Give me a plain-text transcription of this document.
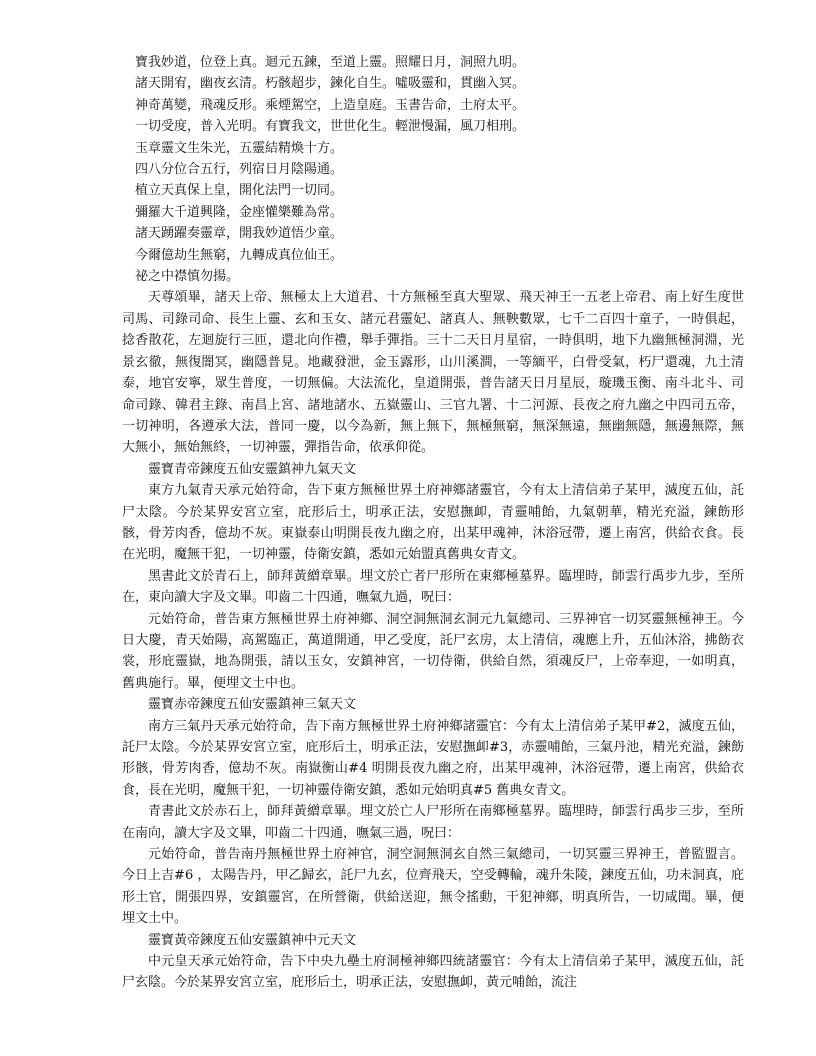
　寶我妙道，位登上真。迴元五鍊，至道上靈。照耀日月，洞照九明。

　諸天開宥，幽夜玄清。朽骸超步，鍊化自生。噓吸靈和，貫幽入冥。

　神奇萬變，飛魂反形。乘煙駕空，上造皇庭。玉書告命，土府太平。

　一切受度，普入光明。有寶我文，世世化生。輕泄慢漏，風刀相刑。

　玉章靈文生朱光，五靈結精煥十方。

　四八分位合五行，列宿日月陰陽通。

　植立天真保上皇，開化法門一切同。

　彌羅大千道興隆，金座懽樂難為常。

　諸天踴躍奏靈章，開我妙道悟少童。

　今爾億劫生無窮，九轉成真位仙王。

　祕之中襟慎勿揚。

天尊頌畢，諸天上帝、無極太上大道君、十方無極至真大聖眾、飛天神王一五老上帝君、南上好生度世司馬、司錄司命、長生上靈、玄和玉女、諸元君靈妃、諸真人、無鞅數眾，七千二百四十童子，一時俱起，捻香散花，左迴旋行三匝，還北向作禮，舉手彈指。三十二天日月星宿，一時俱明，地下九幽無極洞淵，光景玄徹，無復闇冥，幽隱普見。地藏發泄，金玉露形，山川溪澗，一等緬平，白骨受氣，朽尸還魂，九土清泰，地官安寧，眾生普度，一切無偏。大法流化，皇道開張，普告諸天日月星辰，璇璣玉衡、南斗北斗、司命司錄、韓君主錄、南昌上宮、諸地諸水、五嶽靈山、三官九署、十二河源、長夜之府九幽之中四司五帝，一切神明，各遵承大法，普同一慶，以今為新，無上無下，無極無窮，無深無遠，無幽無隱，無邊無際，無大無小，無始無終，一切神靈，彈指告命，依承仰從。

靈寶青帝鍊度五仙安靈鎮神九氣天文

東方九氣青天承元始符命，告下東方無極世界土府神鄉諸靈官，今有太上清信弟子某甲，滅度五仙，託尸太陰。今於某界安宮立室，庇形后土，明承正法，安慰撫卹，青靈哺飴，九氣朝華，精光充溢，鍊飭形骸，骨芳肉香，億劫不灰。東嶽泰山明開長夜九幽之府，出某甲魂神，沐浴冠帶，遷上南宮，供給衣食。長在光明，魔無干犯，一切神靈，侍衛安鎮，悉如元始盟真舊典女青文。

黑書此文於青石上，師拜黃繒章畢。埋文於亡者尸形所在東鄉極墓界。臨埋時，師雲行禹步九步，至所在，東向讀大字及文畢。叩齒二十四通，嘸氣九過，呪曰：

元始符命，普告東方無極世界土府神鄉、洞空洞無洞玄洞元九氣總司、三界神官一切冥靈無極神王。今日大慶，青天始陽，高駕臨正，萬道開通，甲乙受度，託尸玄房，太上清信，魂應上升，五仙沐浴，拂飭衣裳，形庇靈嶽，地為開張，請以玉女，安鎮神宮，一切侍衛，供給自然，須魂反尸，上帝奉迎，一如明真，舊典施行。畢，便埋文土中也。

靈寶赤帝鍊度五仙安靈鎮神三氣天文

南方三氣丹天承元始符命，告下南方無極世界土府神鄉諸靈官：今有太上清信弟子某甲#2，滅度五仙，託尸太陰。今於某界安宮立室，庇形后土，明承正法，安慰撫卹#3，赤靈哺飴，三氣丹池，精光充溢，鍊飭形骸，骨芳肉香，億劫不灰。南嶽衡山#4 明開長夜九幽之府，出某甲魂神，沐浴冠帶，遷上南宮，供給衣食，長在光明，魔無干犯，一切神靈侍衛安鎮，悉如元始明真#5 舊典女青文。

青書此文於赤石上，師拜黃繒章畢。埋文於亡人尸形所在南鄉極墓界。臨埋時，師雲行禹步三步，至所在南向，讀大字及文畢，叩齒二十四通，嘸氣三過，呪曰：

元始符命，普告南丹無極世界土府神官，洞空洞無洞玄自然三氣總司，一切冥靈三界神王，普監盟言。今日上吉#6 ，太陽告丹，甲乙歸玄，託尸九玄，位齊飛天，空受轉輪，魂升朱陵，鍊度五仙，功未洞真，庇形土官，開張四界，安鎮靈宮，在所營衛，供給送迎，無令搖動，干犯神鄉，明真所告，一切咸聞。畢，便埋文土中。

靈寶黃帝鍊度五仙安靈鎮神中元天文

中元皇天承元始符命，告下中央九壘土府洞極神鄉四統諸靈官：今有太上清信弟子某甲，滅度五仙，託尸玄陰。今於某界安宮立室，庇形后土，明承正法，安慰撫卹，黃元哺飴，流注
